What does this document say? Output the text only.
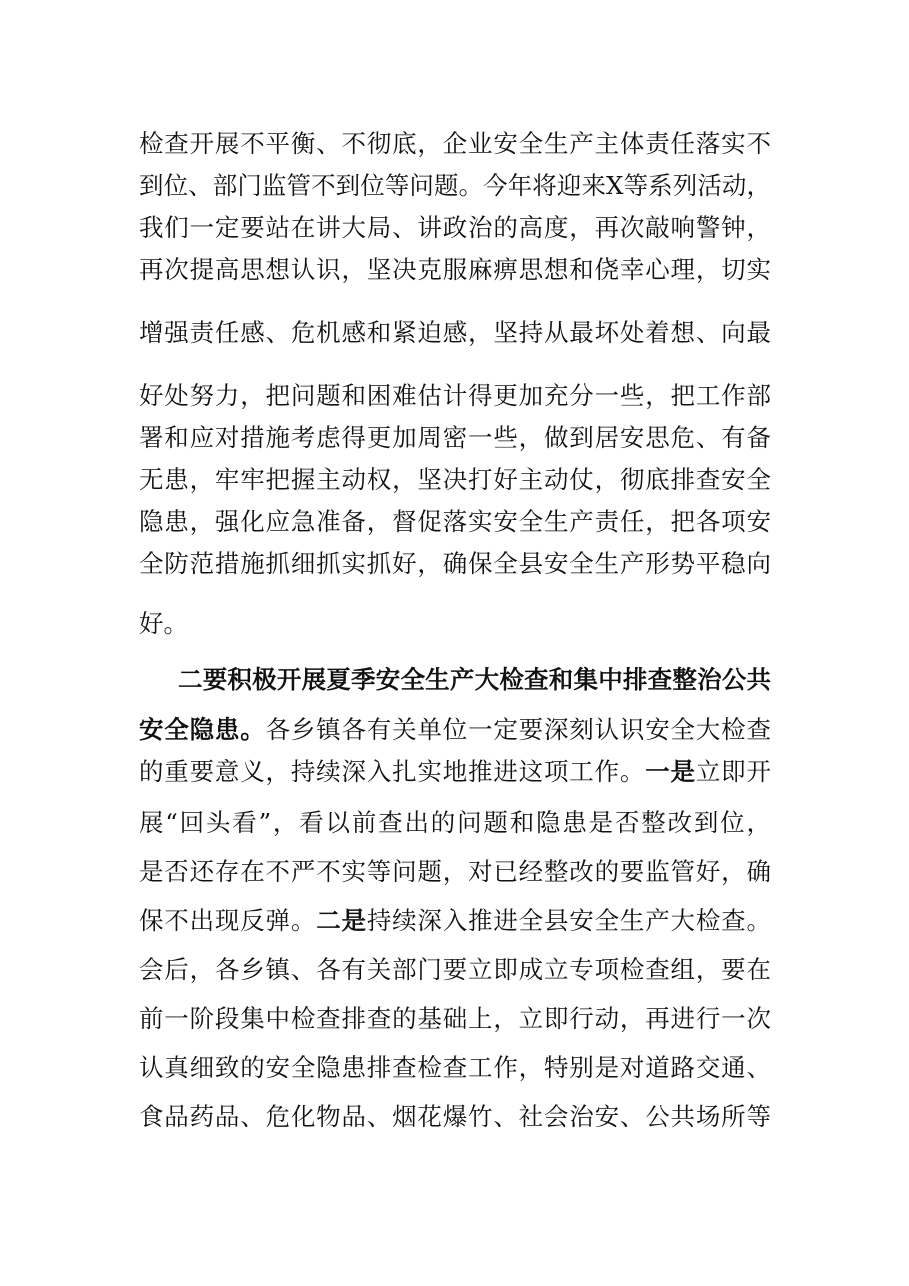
检查开展不平衡、不彻底，企业安全生产主体责任落实不
到位、部门监管不到位等问题。今年将迎来X等系列活动，
我们一定要站在讲大局、讲政治的高度，再次敲响警钟，
再次提高思想认识，坚决克服麻痹思想和侥幸心理，切实
增强责任感、危机感和紧迫感，坚持从最坏处着想、向最
好处努力，把问题和困难估计得更加充分一些，把工作部
署和应对措施考虑得更加周密一些，做到居安思危、有备
无患，牢牢把握主动权，坚决打好主动仗，彻底排查安全
隐患，强化应急准备，督促落实安全生产责任，把各项安
全防范措施抓细抓实抓好，确保全县安全生产形势平稳向
好。
二要积极开展夏季安全生产大检查和集中排查整治公共
安全隐患。各乡镇各有关单位一定要深刻认识安全大检查
的重要意义，持续深入扎实地推进这项工作。一是立即开
展“回头看”，看以前查出的问题和隐患是否整改到位，
是否还存在不严不实等问题，对已经整改的要监管好，确
保不出现反弹。二是持续深入推进全县安全生产大检查。
会后，各乡镇、各有关部门要立即成立专项检查组，要在
前一阶段集中检查排查的基础上，立即行动，再进行一次
认真细致的安全隐患排查检查工作，特别是对道路交通、
食品药品、危化物品、烟花爆竹、社会治安、公共场所等
